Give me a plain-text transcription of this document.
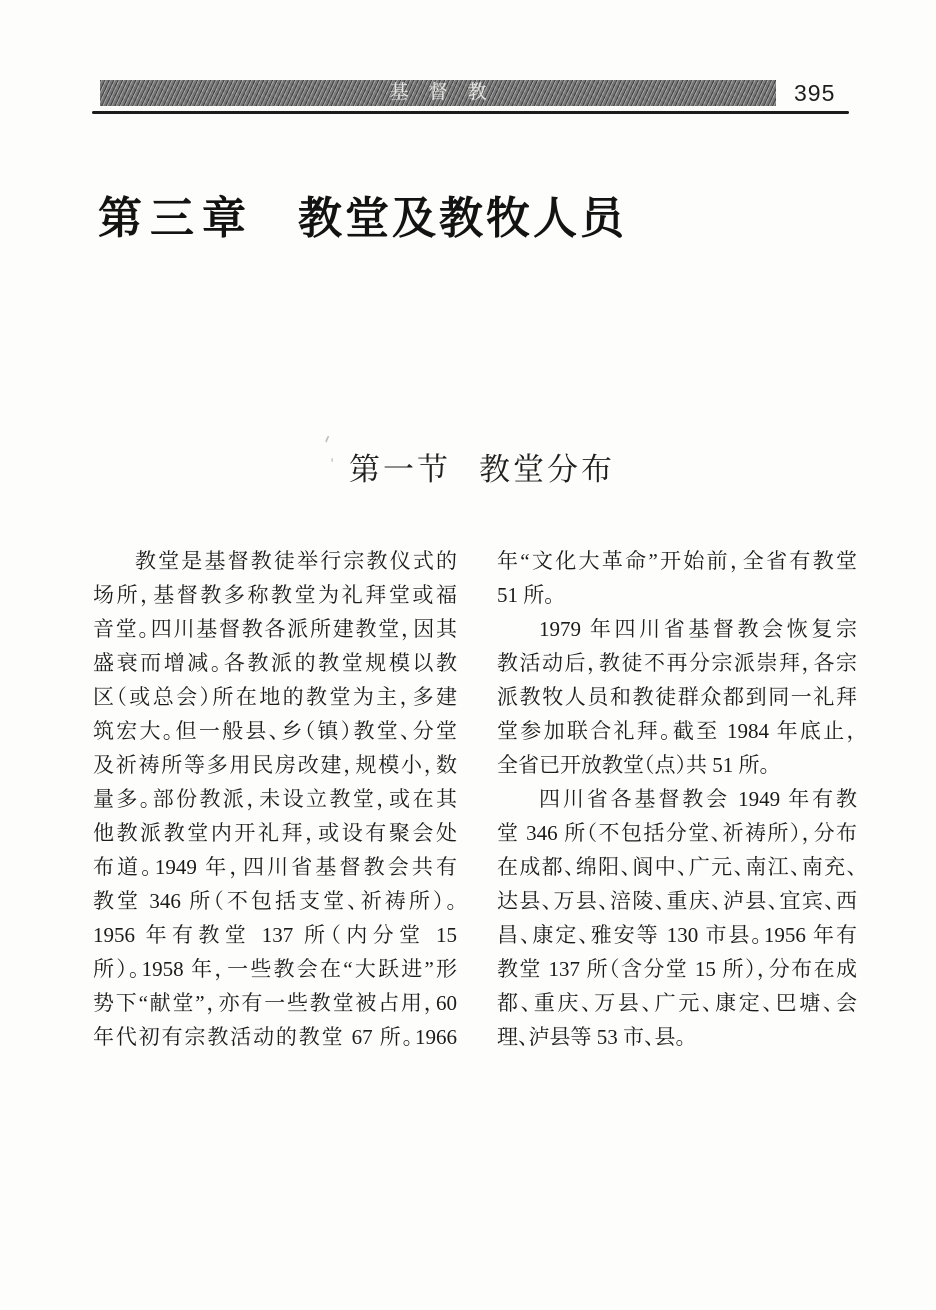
基督教	395
第三章 教堂及教牧人员
第一节 教堂分布
教堂是基督教徒举行宗教仪式的
场所，基督教多称教堂为礼拜堂或福
音堂。四川基督教各派所建教堂，因其
盛衰而增减。各教派的教堂规模以教
区（或总会）所在地的教堂为主，多建
筑宏大。但一般县、乡（镇）教堂、分堂
及祈祷所等多用民房改建，规模小，数
量多。部份教派，未设立教堂，或在其
他教派教堂内开礼拜，或设有聚会处
布道。1949 年，四川省基督教会共有
教堂 346 所（不包括支堂、祈祷所）。
1956 年有教堂 137 所（内分堂 15
所）。1958 年，一些教会在“大跃进”形
势下“献堂”，亦有一些教堂被占用，60
年代初有宗教活动的教堂 67 所。1966
年“文化大革命”开始前，全省有教堂
51 所。
1979 年四川省基督教会恢复宗
教活动后，教徒不再分宗派崇拜，各宗
派教牧人员和教徒群众都到同一礼拜
堂参加联合礼拜。截至 1984 年底止，
全省已开放教堂（点）共 51 所。
四川省各基督教会 1949 年有教
堂 346 所（不包括分堂、祈祷所），分布
在成都、绵阳、阆中、广元、南江、南充、
达县、万县、涪陵、重庆、泸县、宜宾、西
昌、康定、雅安等 130 市县。1956 年有
教堂 137 所（含分堂 15 所），分布在成
都、重庆、万县、广元、康定、巴塘、会
理、泸县等 53 市、县。
